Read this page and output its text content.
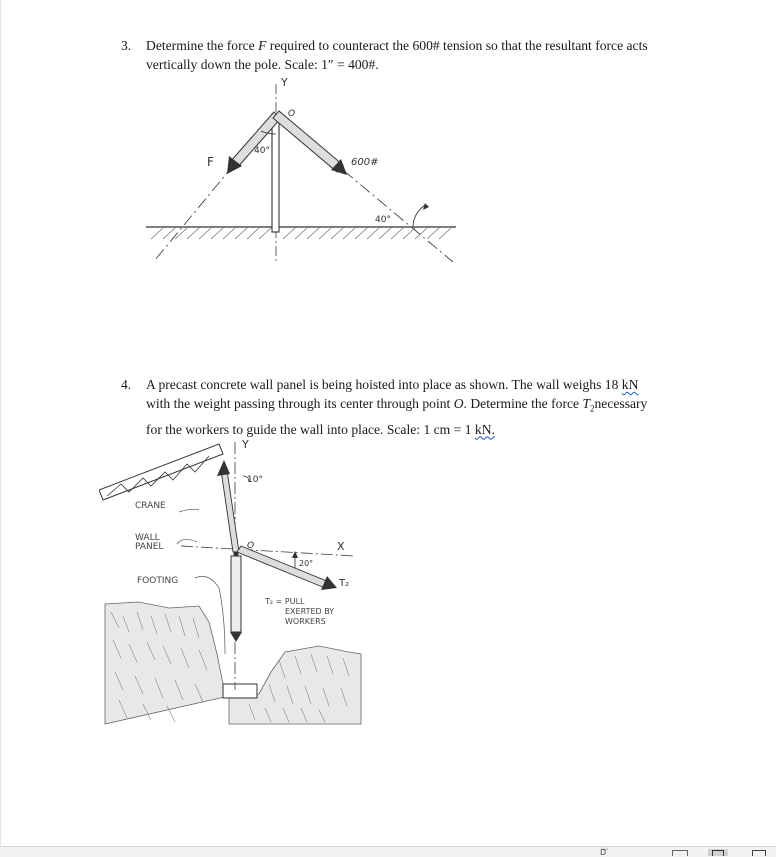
3. Determine the force F required to counteract the 600# tension so that the resultant force acts
vertically down the pole. Scale: 1″ = 400#.
Y
O
F	600#
40°
40°
4. A precast concrete wall panel is being hoisted into place as shown. The wall weighs 18 kN
with the weight passing through its center through point O. Determine the force $T_2necessary$
for the workers to guide the wall into place. Scale: 1 cm = 1 kN.
Y
X
O
CRANE
WALL
PANEL
FOOTING
10°
20°
T₂
T₂ = PULL
EXERTED BY
WORKERS
Ḋ̃ ̈
